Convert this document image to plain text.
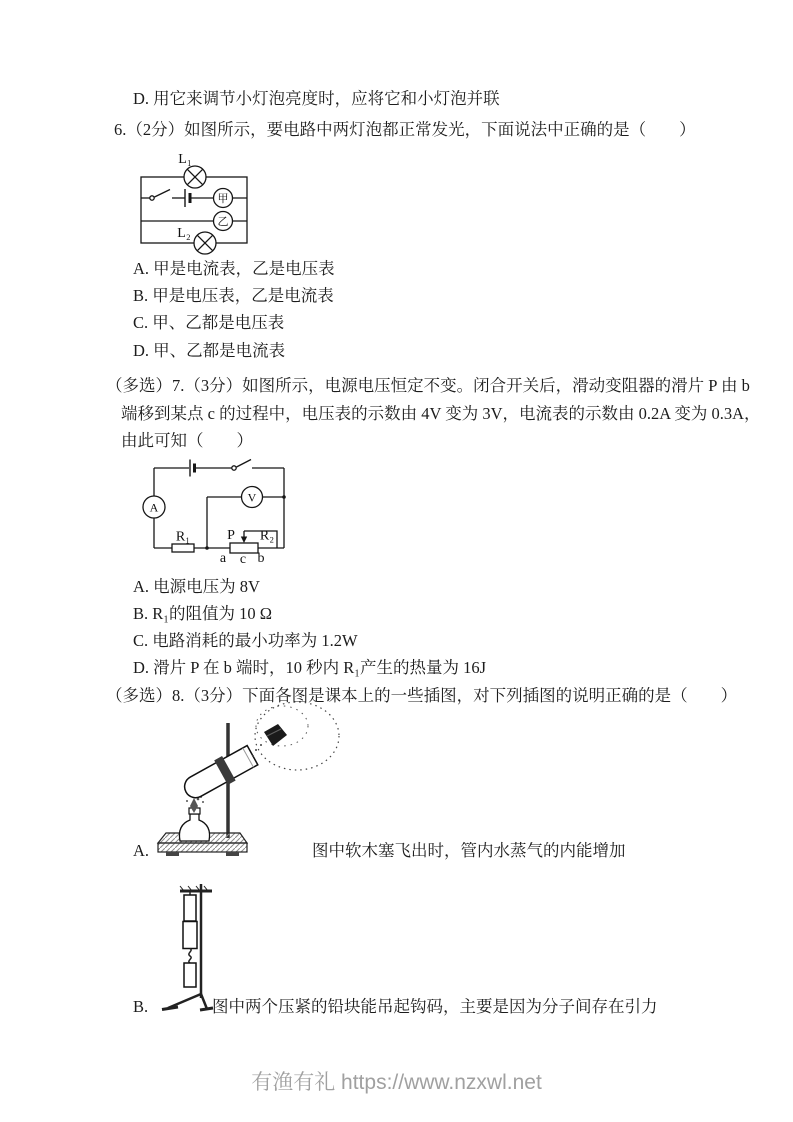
D. 用它来调节小灯泡亮度时，应将它和小灯泡并联
6.（2分）如图所示，要电路中两灯泡都正常发光，下面说法中正确的是（　　）
甲
乙
L₁
L₂
A. 甲是电流表，乙是电压表
B. 甲是电压表，乙是电流表
C. 甲、乙都是电压表
D. 甲、乙都是电流表
（多选）7.（3分）如图所示，电源电压恒定不变。闭合开关后，滑动变阻器的滑片 P 由 b
端移到某点 c 的过程中，电压表的示数由 4V 变为 3V，电流表的示数由 0.2A 变为 0.3A，
由此可知（　　）
A
V
R₁	P R₂
a c b
A. 电源电压为 8V
B. R₁的阻值为 10 Ω
C. 电路消耗的最小功率为 1.2W
D. 滑片 P 在 b 端时，10 秒内 R₁产生的热量为 16J
（多选）8.（3分）下面各图是课本上的一些插图，对下列插图的说明正确的是（　　）
A.	图中软木塞飞出时，管内水蒸气的内能增加
B.	图中两个压紧的铅块能吊起钩码，主要是因为分子间存在引力
有渔有礼 https://www.nzxwl.net
